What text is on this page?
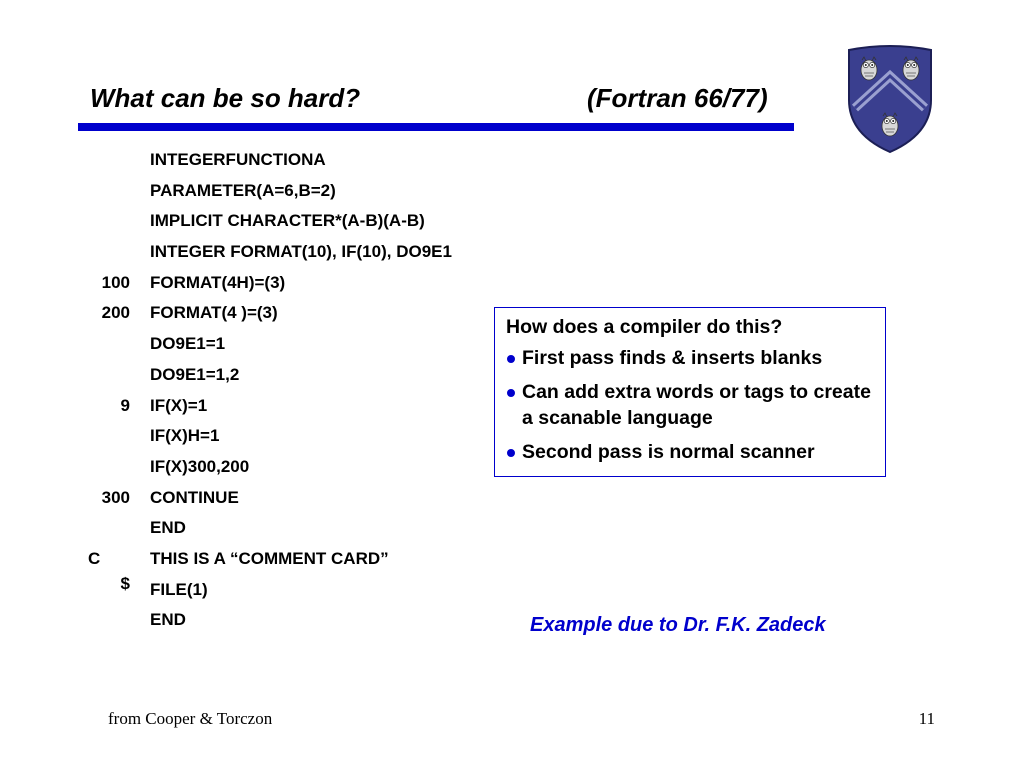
What can be so hard?	(Fortran 66/77)
INTEGERFUNCTIONA
PARAMETER(A=6,B=2)
IMPLICIT CHARACTER*(A-B)(A-B)
INTEGER FORMAT(10), IF(10), DO9E1
100 FORMAT(4H)=(3)
200 FORMAT(4 )=(3)
DO9E1=1
DO9E1=1,2
9 IF(X)=1
IF(X)H=1
IF(X)300,200
300 CONTINUE
END
C	THIS IS A “COMMENT CARD”
$ FILE(1)
END
How does a compiler do this?
First pass finds & inserts blanks
Can add extra words or tags to create a scanable language
Second pass is normal scanner
Example due to Dr. F.K. Zadeck
from Cooper & Torczon	11
